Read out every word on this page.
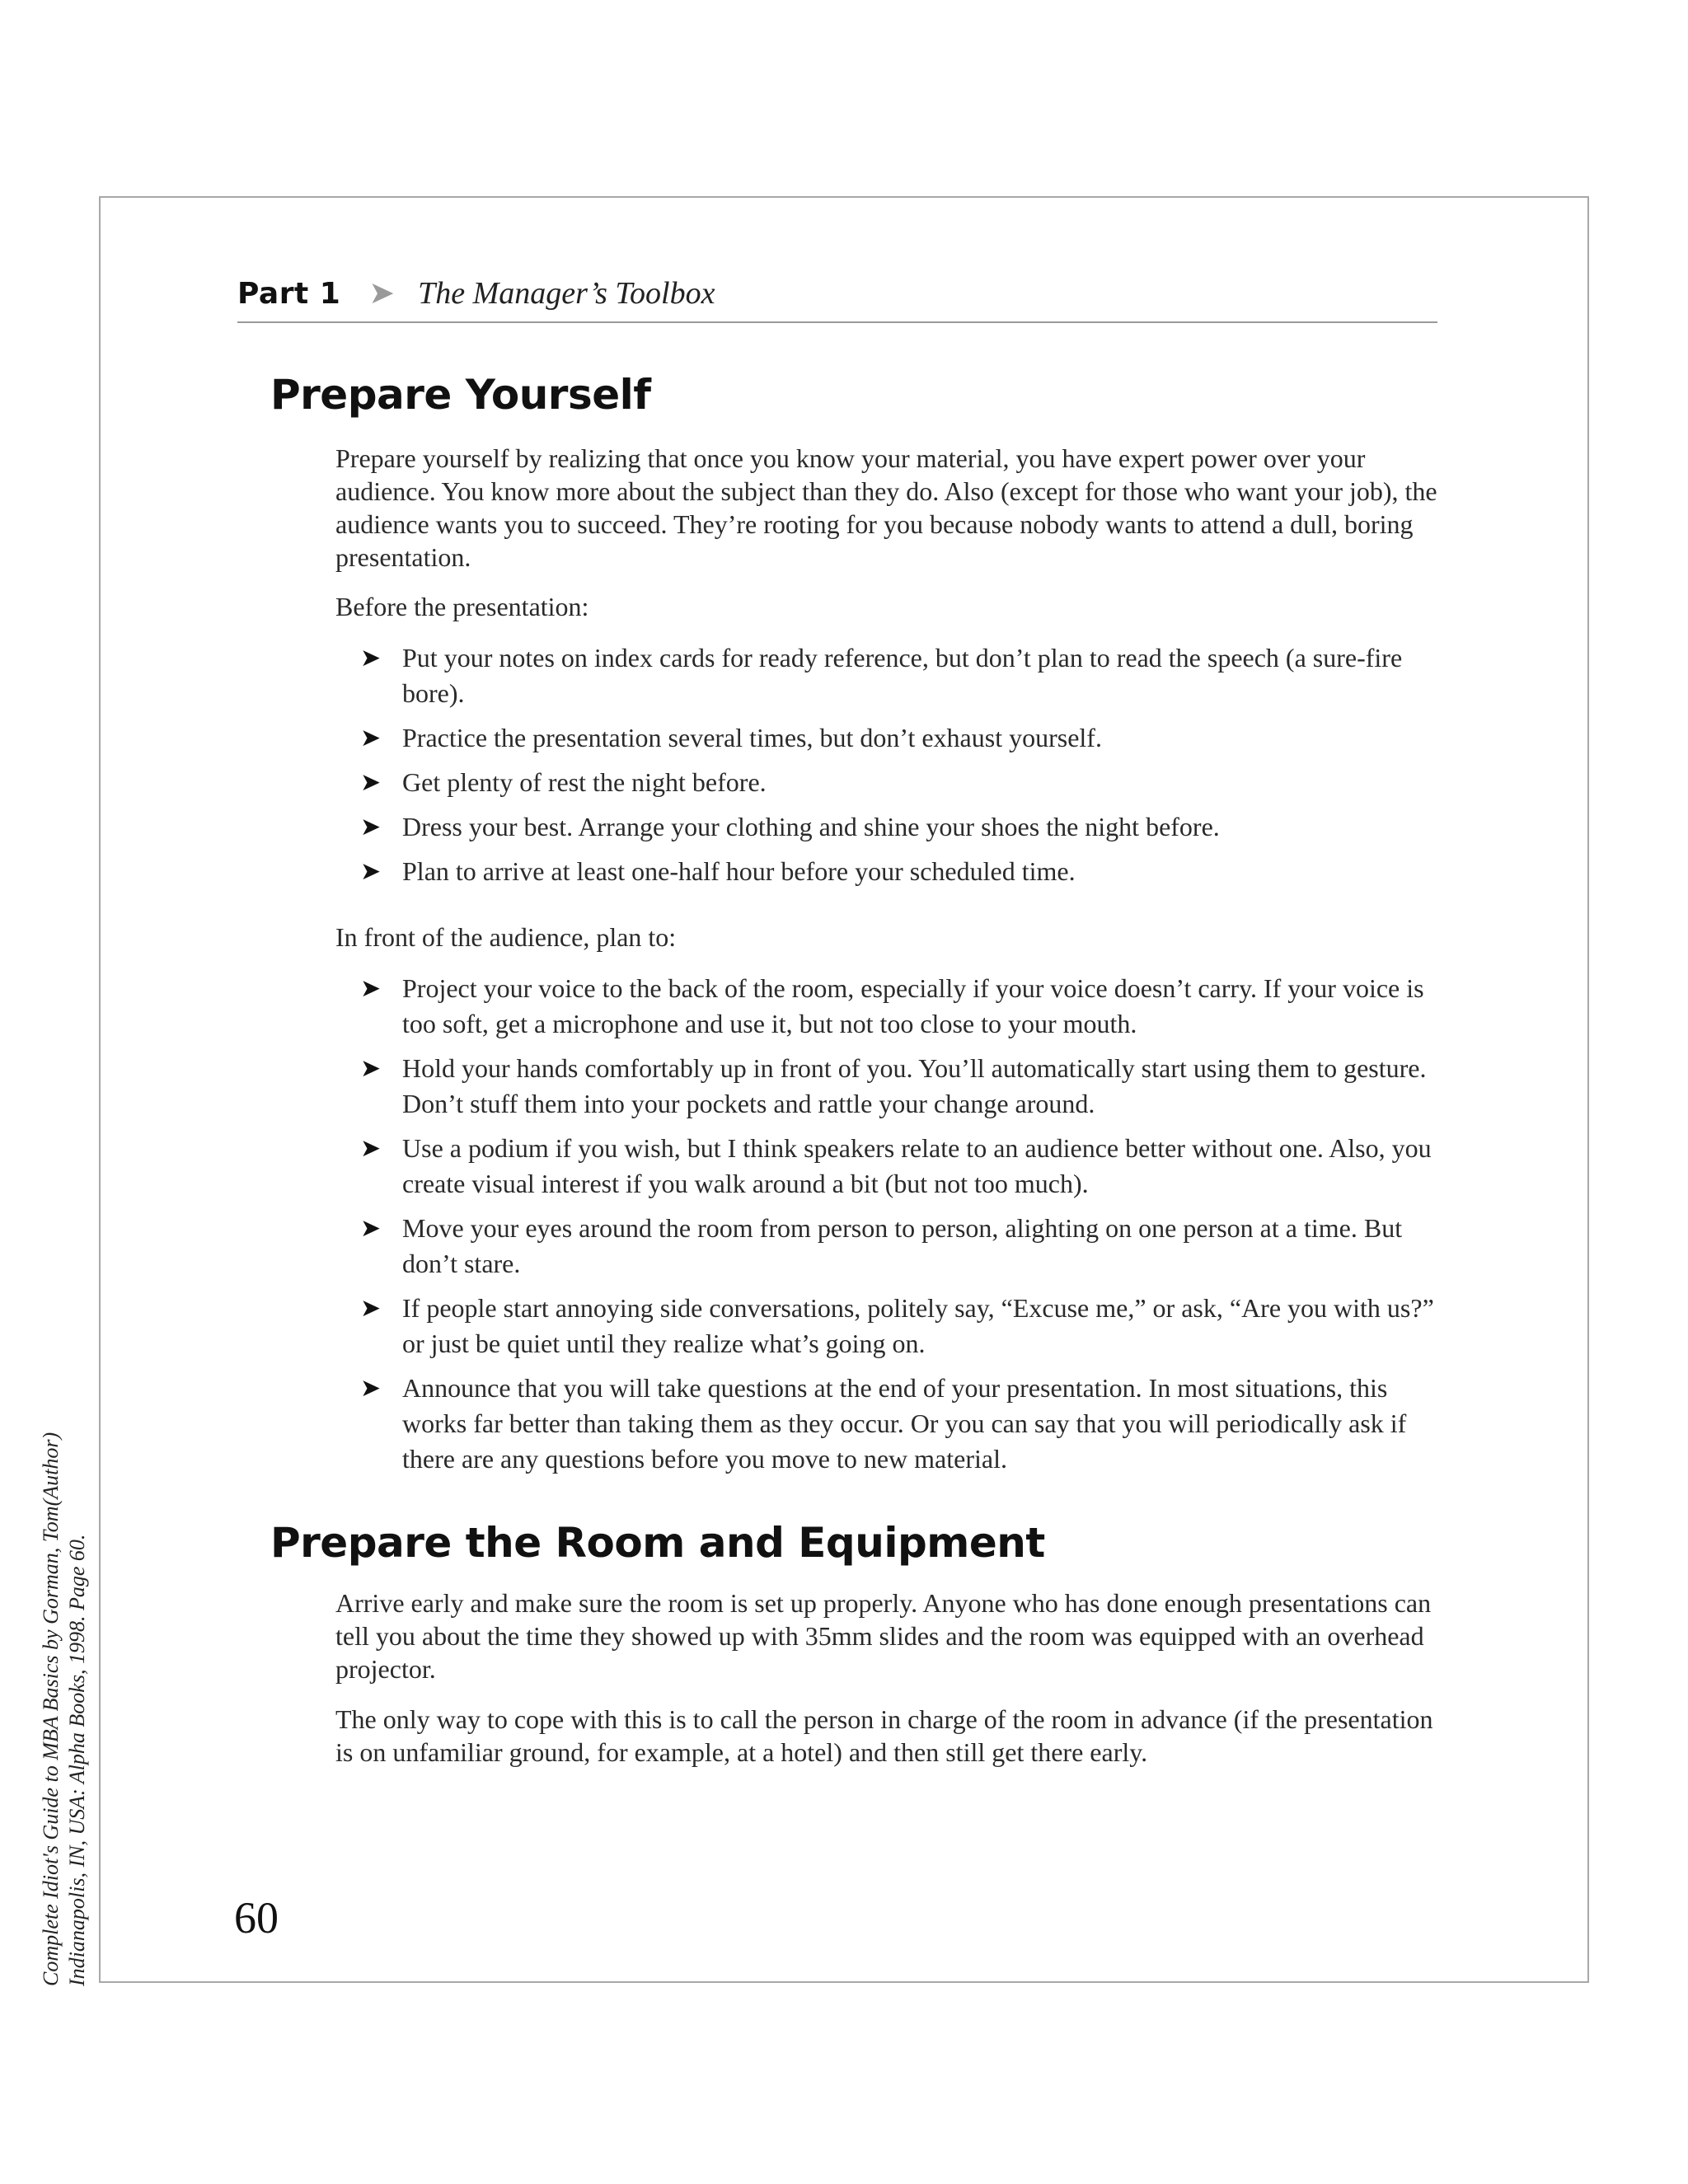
Part 1 ➤ The Manager’s Toolbox
Prepare Yourself

Prepare yourself by realizing that once you know your material, you have expert power over your audience. You know more about the subject than they do. Also (except for those who want your job), the audience wants you to succeed. They’re rooting for you because nobody wants to attend a dull, boring presentation.

Before the presentation:

➤ Put your notes on index cards for ready reference, but don’t plan to read the speech (a sure-fire bore).
➤ Practice the presentation several times, but don’t exhaust yourself.
➤ Get plenty of rest the night before.
➤ Dress your best. Arrange your clothing and shine your shoes the night before.
➤ Plan to arrive at least one-half hour before your scheduled time.

In front of the audience, plan to:

➤ Project your voice to the back of the room, especially if your voice doesn’t carry. If your voice is too soft, get a microphone and use it, but not too close to your mouth.
➤ Hold your hands comfortably up in front of you. You’ll automatically start using them to gesture. Don’t stuff them into your pockets and rattle your change around.
➤ Use a podium if you wish, but I think speakers relate to an audience better without one. Also, you create visual interest if you walk around a bit (but not too much).
➤ Move your eyes around the room from person to person, alighting on one person at a time. But don’t stare.
➤ If people start annoying side conversations, politely say, “Excuse me,” or ask, “Are you with us?” or just be quiet until they realize what’s going on.
➤ Announce that you will take questions at the end of your presentation. In most situations, this works far better than taking them as they occur. Or you can say that you will periodically ask if there are any questions before you move to new material.
Prepare the Room and Equipment

Arrive early and make sure the room is set up properly. Anyone who has done enough presentations can tell you about the time they showed up with 35mm slides and the room was equipped with an overhead projector.

The only way to cope with this is to call the person in charge of the room in advance (if the presentation is on unfamiliar ground, for example, at a hotel) and then still get there early.

60
Complete Idiot's Guide to MBA Basics by Gorman, Tom(Author) Indianapolis, IN, USA: Alpha Books, 1998. Page 60.
